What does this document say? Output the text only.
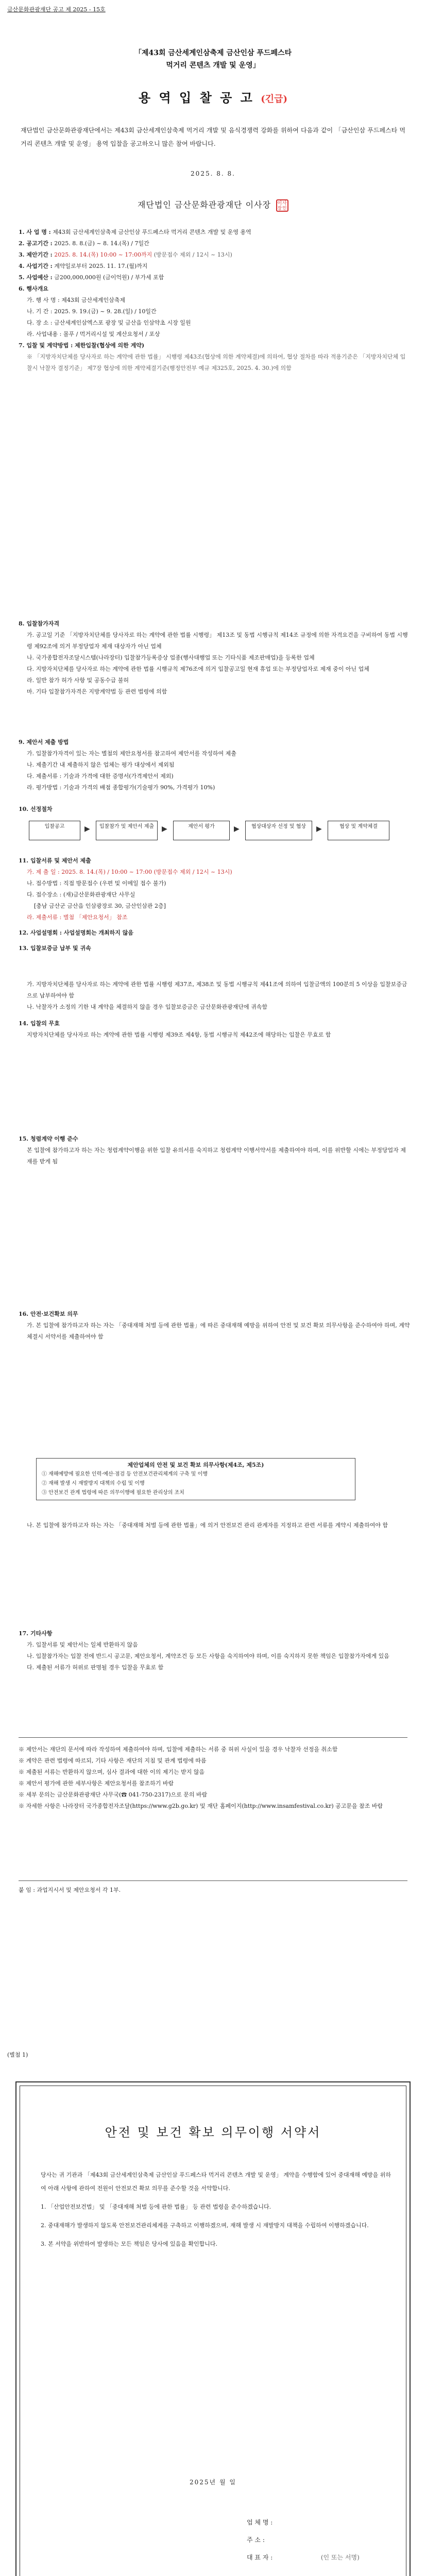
금산문화관광재단 공고 제 2025 - 15호
「제43회 금산세계인삼축제 금산인삼 푸드페스타
먹거리 콘텐츠 개발 및 운영」
용 역 입 찰 공 고 (긴급)
재단법인 금산문화관광재단에서는 제43회 금산세계인삼축제 먹거리 개발 및 음식경쟁력 강화를 위하여 다음과 같이 「금산인삼 푸드페스타 먹거리 콘텐츠 개발 및 운영」 용역 입찰을 공고하오니 많은 참여 바랍니다.
2025. 8. 8.
재단법인 금산문화관광재단 이사장 이사장인
1. 사 업 명 : 제43회 금산세계인삼축제 금산인삼 푸드페스타 먹거리 콘텐츠 개발 및 운영 용역
2. 공고기간 : 2025. 8. 8.(금) ~ 8. 14.(목) / 7일간
3. 제안기간 : 2025. 8. 14.(목) 10:00 ~ 17:00까지 (방문접수 제외 / 12시 ~ 13시)
4. 사업기간 : 계약일로부터 2025. 11. 17.(월)까지
5. 사업예산 : 금200,000,000원 (금이억원) / 부가세 포함
6. 행사개요
가. 행 사 명 : 제43회 금산세계인삼축제
나. 기 간 : 2025. 9. 19.(금) ~ 9. 28.(일) / 10일간
다. 장 소 : 금산세계인삼엑스포 광장 및 금산읍 인삼약초 시장 일원
라. 사업내용 : 몰푸 / 먹거리시설 및 계산요청서 / 포상
7. 입찰 및 계약방법 : 제한입찰(협상에 의한 계약)
※ 「지방자치단체를 당사자로 하는 계약에 관한 법률」 시행령 제43조(협상에 의한 계약체결)에 의하여, 협상 절차를 따라 적용기준은 「지방자치단체 입찰시 낙찰자 결정기준」 제7장 협상에 의한 계약체결기준(행정안전부 예규 제325호, 2025. 4. 30.)에 의함
8. 입찰참가자격
가. 공고일 기준 「지방자치단체를 당사자로 하는 계약에 관한 법률 시행령」 제13조 및 동법 시행규칙 제14조 규정에 의한 자격요건을 구비하여 동법 시행령 제92조에 의거 부정당업자 제재 대상자가 아닌 업체
나. 국가종합전자조달시스템(나라장터) 입찰참가등록증상 업종(행사대행업 또는 기타식품 제조판매업)을 등록한 업체
다. 지방자치단체를 당사자로 하는 계약에 관한 법률 시행규칙 제76조에 의거 입찰공고일 현재 휴업 또는 부정당업자로 제재 중이 아닌 업체
라. 일반 참가 허가 사항 및 공동수급 불허
마. 기타 입찰참가자격은 지방계약법 등 관련 법령에 의함
9. 제안서 제출 방법
가. 입찰참가자격이 있는 자는 별첨의 제안요청서를 참고하여 제안서를 작성하여 제출
나. 제출기간 내 제출하지 않은 업체는 평가 대상에서 제외됨
다. 제출서류 : 기술과 가격에 대한 증명서(가격제안서 제외)
라. 평가방법 : 기술과 가격의 배점 종합평가(기술평가 90%, 가격평가 10%)
10. 선정절차
입찰공고	▶	입찰참가 및 제안서 제출	▶	제안서 평가	▶	협상대상자 선정 및 협상	▶	협상 및 계약체결
11. 입찰서류 및 제안서 제출
가. 제 출 일 : 2025. 8. 14.(목) / 10:00 ~ 17:00 (방문접수 제외 / 12시 ~ 13시)
나. 접수방법 : 직접 방문접수 (우편 및 이메일 접수 불가)
다. 접수장소 : (재)금산문화관광재단 사무실
[충남 금산군 금산읍 인삼광장로 30, 금산인삼관 2층]
라. 제출서류 : 별첨 「제안요청서」 참조
12. 사업설명회 : 사업설명회는 개최하지 않음
13. 입찰보증금 납부 및 귀속
가. 지방자치단체를 당사자로 하는 계약에 관한 법률 시행령 제37조, 제38조 및 동법 시행규칙 제41조에 의하여 입찰금액의 100분의 5 이상을 입찰보증금으로 납부하여야 함
나. 낙찰자가 소정의 기한 내 계약을 체결하지 않을 경우 입찰보증금은 금산문화관광재단에 귀속함
14. 입찰의 무효
지방자치단체를 당사자로 하는 계약에 관한 법률 시행령 제39조 제4항, 동법 시행규칙 제42조에 해당하는 입찰은 무효로 함
15. 청렴계약 이행 준수
본 입찰에 참가하고자 하는 자는 청렴계약이행을 위한 입찰 유의서를 숙지하고 청렴계약 이행서약서를 제출하여야 하며, 이를 위반할 시에는 부정당업자 제재를 받게 됨
16. 안전·보건확보 의무
가. 본 입찰에 참가하고자 하는 자는 「중대재해 처벌 등에 관한 법률」에 따른 중대재해 예방을 위하여 안전 및 보건 확보 의무사항을 준수하여야 하며, 계약체결시 서약서를 제출하여야 함
제안업체의 안전 및 보건 확보 의무사항(제4조, 제5조)
① 재해예방에 필요한 인력·예산·점검 등 안전보건관리체계의 구축 및 이행
② 재해 발생 시 재발방지 대책의 수립 및 이행
③ 안전보건 관계 법령에 따른 의무이행에 필요한 관리상의 조치
나. 본 입찰에 참가하고자 하는 자는 「중대재해 처벌 등에 관한 법률」에 의거 안전보건 관리 관계자를 지정하고 관련 서류를 계약시 제출하여야 함
17. 기타사항
가. 입찰서류 및 제안서는 일체 반환하지 않음
나. 입찰참가자는 입찰 전에 반드시 공고문, 제안요청서, 계약조건 등 모든 사항을 숙지하여야 하며, 이를 숙지하지 못한 책임은 입찰참가자에게 있음
다. 제출된 서류가 허위로 판명될 경우 입찰을 무효로 함
※ 제안서는 재단의 문서에 따라 작성하여 제출하여야 하며, 입찰에 제출하는 서류 중 허위 사실이 있을 경우 낙찰자 선정을 취소함
※ 계약은 관련 법령에 따르되, 기타 사항은 재단의 지침 및 관계 법령에 따름
※ 제출된 서류는 반환하지 않으며, 심사 결과에 대한 이의 제기는 받지 않음
※ 제안서 평가에 관한 세부사항은 제안요청서를 참조하기 바람
※ 세부 문의는 금산문화관광재단 사무국(☎ 041-750-2317)으로 문의 바람
※ 자세한 사항은 나라장터 국가종합전자조달(https://www.g2b.go.kr) 및 재단 홈페이지(http://www.insamfestival.co.kr) 공고문을 참조 바람
붙 임 : 과업지시서 및 제안요청서 각 1부.
(별첨 1)
안전 및 보건 확보 의무이행 서약서

당사는 귀 기관과 「제43회 금산세계인삼축제 금산인삼 푸드페스타 먹거리 콘텐츠 개발 및 운영」 계약을 수행함에 있어 중대재해 예방을 위하여 아래 사항에 관하여 전원이 안전보건 확보 의무를 준수할 것을 서약합니다.

1. 「산업안전보건법」 및 「중대재해 처벌 등에 관한 법률」 등 관련 법령을 준수하겠습니다.

2. 중대재해가 발생하지 않도록 안전보건관리체계를 구축하고 이행하겠으며, 재해 발생 시 재발방지 대책을 수립하여 이행하겠습니다.

3. 본 서약을 위반하여 발생하는 모든 책임은 당사에 있음을 확인합니다.

2025년 월 일
업 체 명 :
주 소 :
대 표 자 :	(인 또는 서명)
